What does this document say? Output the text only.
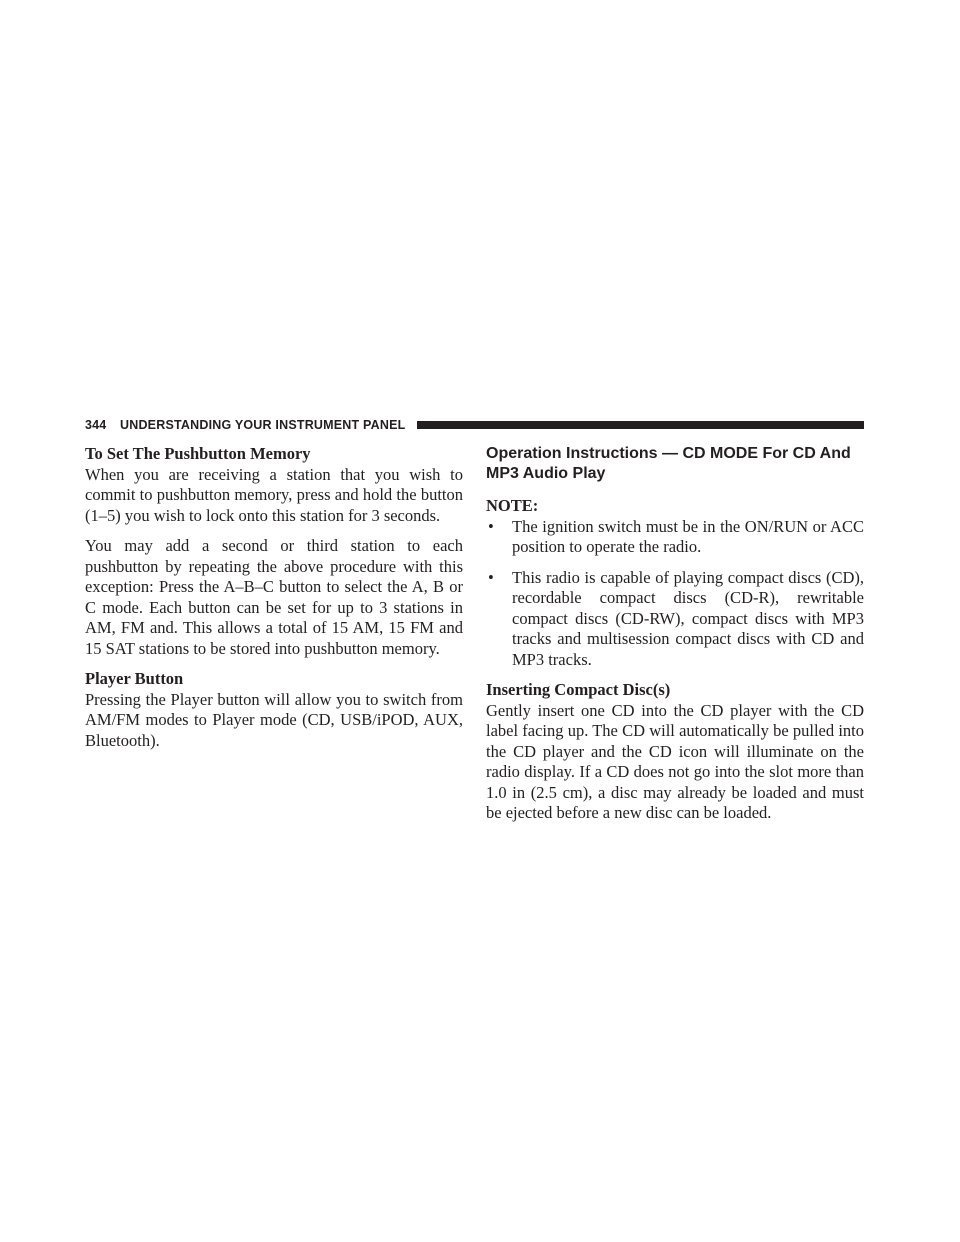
344 UNDERSTANDING YOUR INSTRUMENT PANEL
To Set The Pushbutton Memory

When you are receiving a station that you wish to commit to pushbutton memory, press and hold the button (1–5) you wish to lock onto this station for 3 seconds.

You may add a second or third station to each pushbutton by repeating the above procedure with this exception: Press the A–B–C button to select the A, B or C mode. Each button can be set for up to 3 stations in AM, FM and. This allows a total of 15 AM, 15 FM and 15 SAT stations to be stored into pushbutton memory.

Player Button

Pressing the Player button will allow you to switch from AM/FM modes to Player mode (CD, USB/iPOD, AUX, Bluetooth).

Operation Instructions — CD MODE For CD And MP3 Audio Play
NOTE:
• The ignition switch must be in the ON/RUN or ACC position to operate the radio.
• This radio is capable of playing compact discs (CD), recordable compact discs (CD-R), rewritable compact discs (CD-RW), compact discs with MP3 tracks and multisession compact discs with CD and MP3 tracks.
Inserting Compact Disc(s)

Gently insert one CD into the CD player with the CD label facing up. The CD will automatically be pulled into the CD player and the CD icon will illuminate on the radio display. If a CD does not go into the slot more than 1.0 in (2.5 cm), a disc may already be loaded and must be ejected before a new disc can be loaded.
